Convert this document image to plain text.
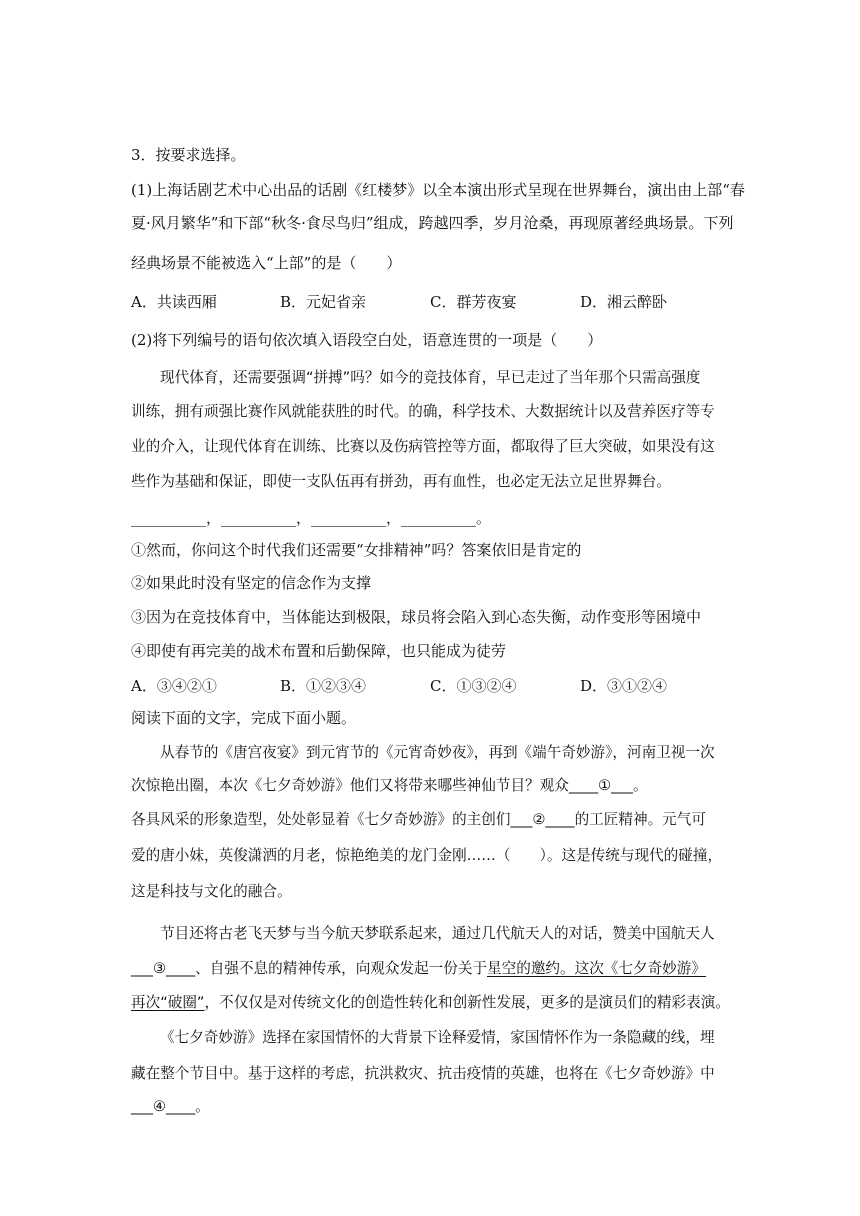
3．按要求选择。
(1)上海话剧艺术中心出品的话剧《红楼梦》以全本演出形式呈现在世界舞台，演出由上部“春
夏·风月繁华”和下部“秋冬·食尽鸟归”组成，跨越四季，岁月沧桑，再现原著经典场景。下列
经典场景不能被选入“上部”的是（　　）
A．共读西厢	B．元妃省亲	C．群芳夜宴	D．湘云醉卧
(2)将下列编号的语句依次填入语段空白处，语意连贯的一项是（　　）
现代体育，还需要强调“拼搏”吗？如今的竞技体育，早已走过了当年那个只需高强度
训练，拥有顽强比赛作风就能获胜的时代。的确，科学技术、大数据统计以及营养医疗等专
业的介入，让现代体育在训练、比赛以及伤病管控等方面，都取得了巨大突破，如果没有这
些作为基础和保证，即使一支队伍再有拼劲，再有血性，也必定无法立足世界舞台。
__________，__________，__________，__________。
①然而，你问这个时代我们还需要“女排精神”吗？答案依旧是肯定的
②如果此时没有坚定的信念作为支撑
③因为在竞技体育中，当体能达到极限，球员将会陷入到心态失衡，动作变形等困境中
④即使有再完美的战术布置和后勤保障，也只能成为徒劳
A．③④②①	B．①②③④	C．①③②④	D．③①②④
阅读下面的文字，完成下面小题。
从春节的《唐宫夜宴》到元宵节的《元宵奇妙夜》，再到《端午奇妙游》，河南卫视一次
次惊艳出圈，本次《七夕奇妙游》他们又将带来哪些神仙节目？观众____①___。
各具风采的形象造型，处处彰显着《七夕奇妙游》的主创们___②____的工匠精神。元气可
爱的唐小妹，英俊潇洒的月老，惊艳绝美的龙门金刚……（　　）。这是传统与现代的碰撞，
这是科技与文化的融合。
节目还将古老飞天梦与当今航天梦联系起来，通过几代航天人的对话，赞美中国航天人
___③____、自强不息的精神传承，向观众发起一份关于星空的邀约。这次《七夕奇妙游》
再次“破圈”，不仅仅是对传统文化的创造性转化和创新性发展，更多的是演员们的精彩表演。
《七夕奇妙游》选择在家国情怀的大背景下诠释爱情，家国情怀作为一条隐藏的线，埋
藏在整个节目中。基于这样的考虑，抗洪救灾、抗击疫情的英雄，也将在《七夕奇妙游》中
___④____。
